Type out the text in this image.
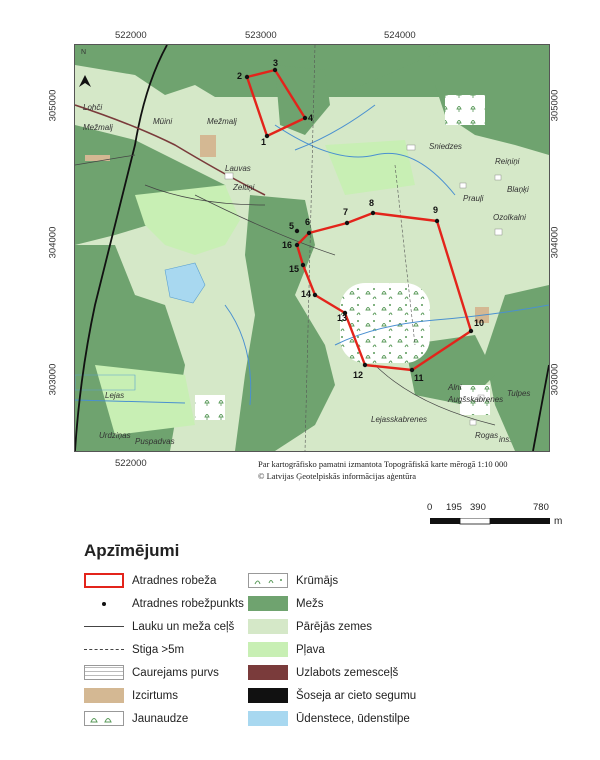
1
2
3
4
5 6
7
8
9
10
11
12
13
14
15
16
Lohči
Mežmalj
Mežmalj
Mūini
Lauvas
Zeltiņi
Sniedzes
Reiņiņi
Blaņķi
Prauļi
Ozolkalni
Alni
Augšskabrenes
Lejasskabrenes
Tulpes
Rogas
Urdziņas
Lejas
Puspadvas	ins.
N
522000	523000	524000
522000
305000
304000
303000
305000
304000
303000
Par kartogrāfisko pamatni izmantota Topogrāfiskā karte mērogā 1:10 000
© Latvijas Ģeotelpiskās informācijas aģentūra
0 195 390	780
m
Apzīmējumi
Atradnes robeža
Atradnes robežpunkts
Lauku un meža ceļš
Stiga >5m
Caurejams purvs
Izcirtums
Jaunaudze
Krūmājs
Mežs
Pārējās zemes
Pļava
Uzlabots zemesceļš
Šoseja ar cieto segumu
Ūdenstece, ūdenstilpe
